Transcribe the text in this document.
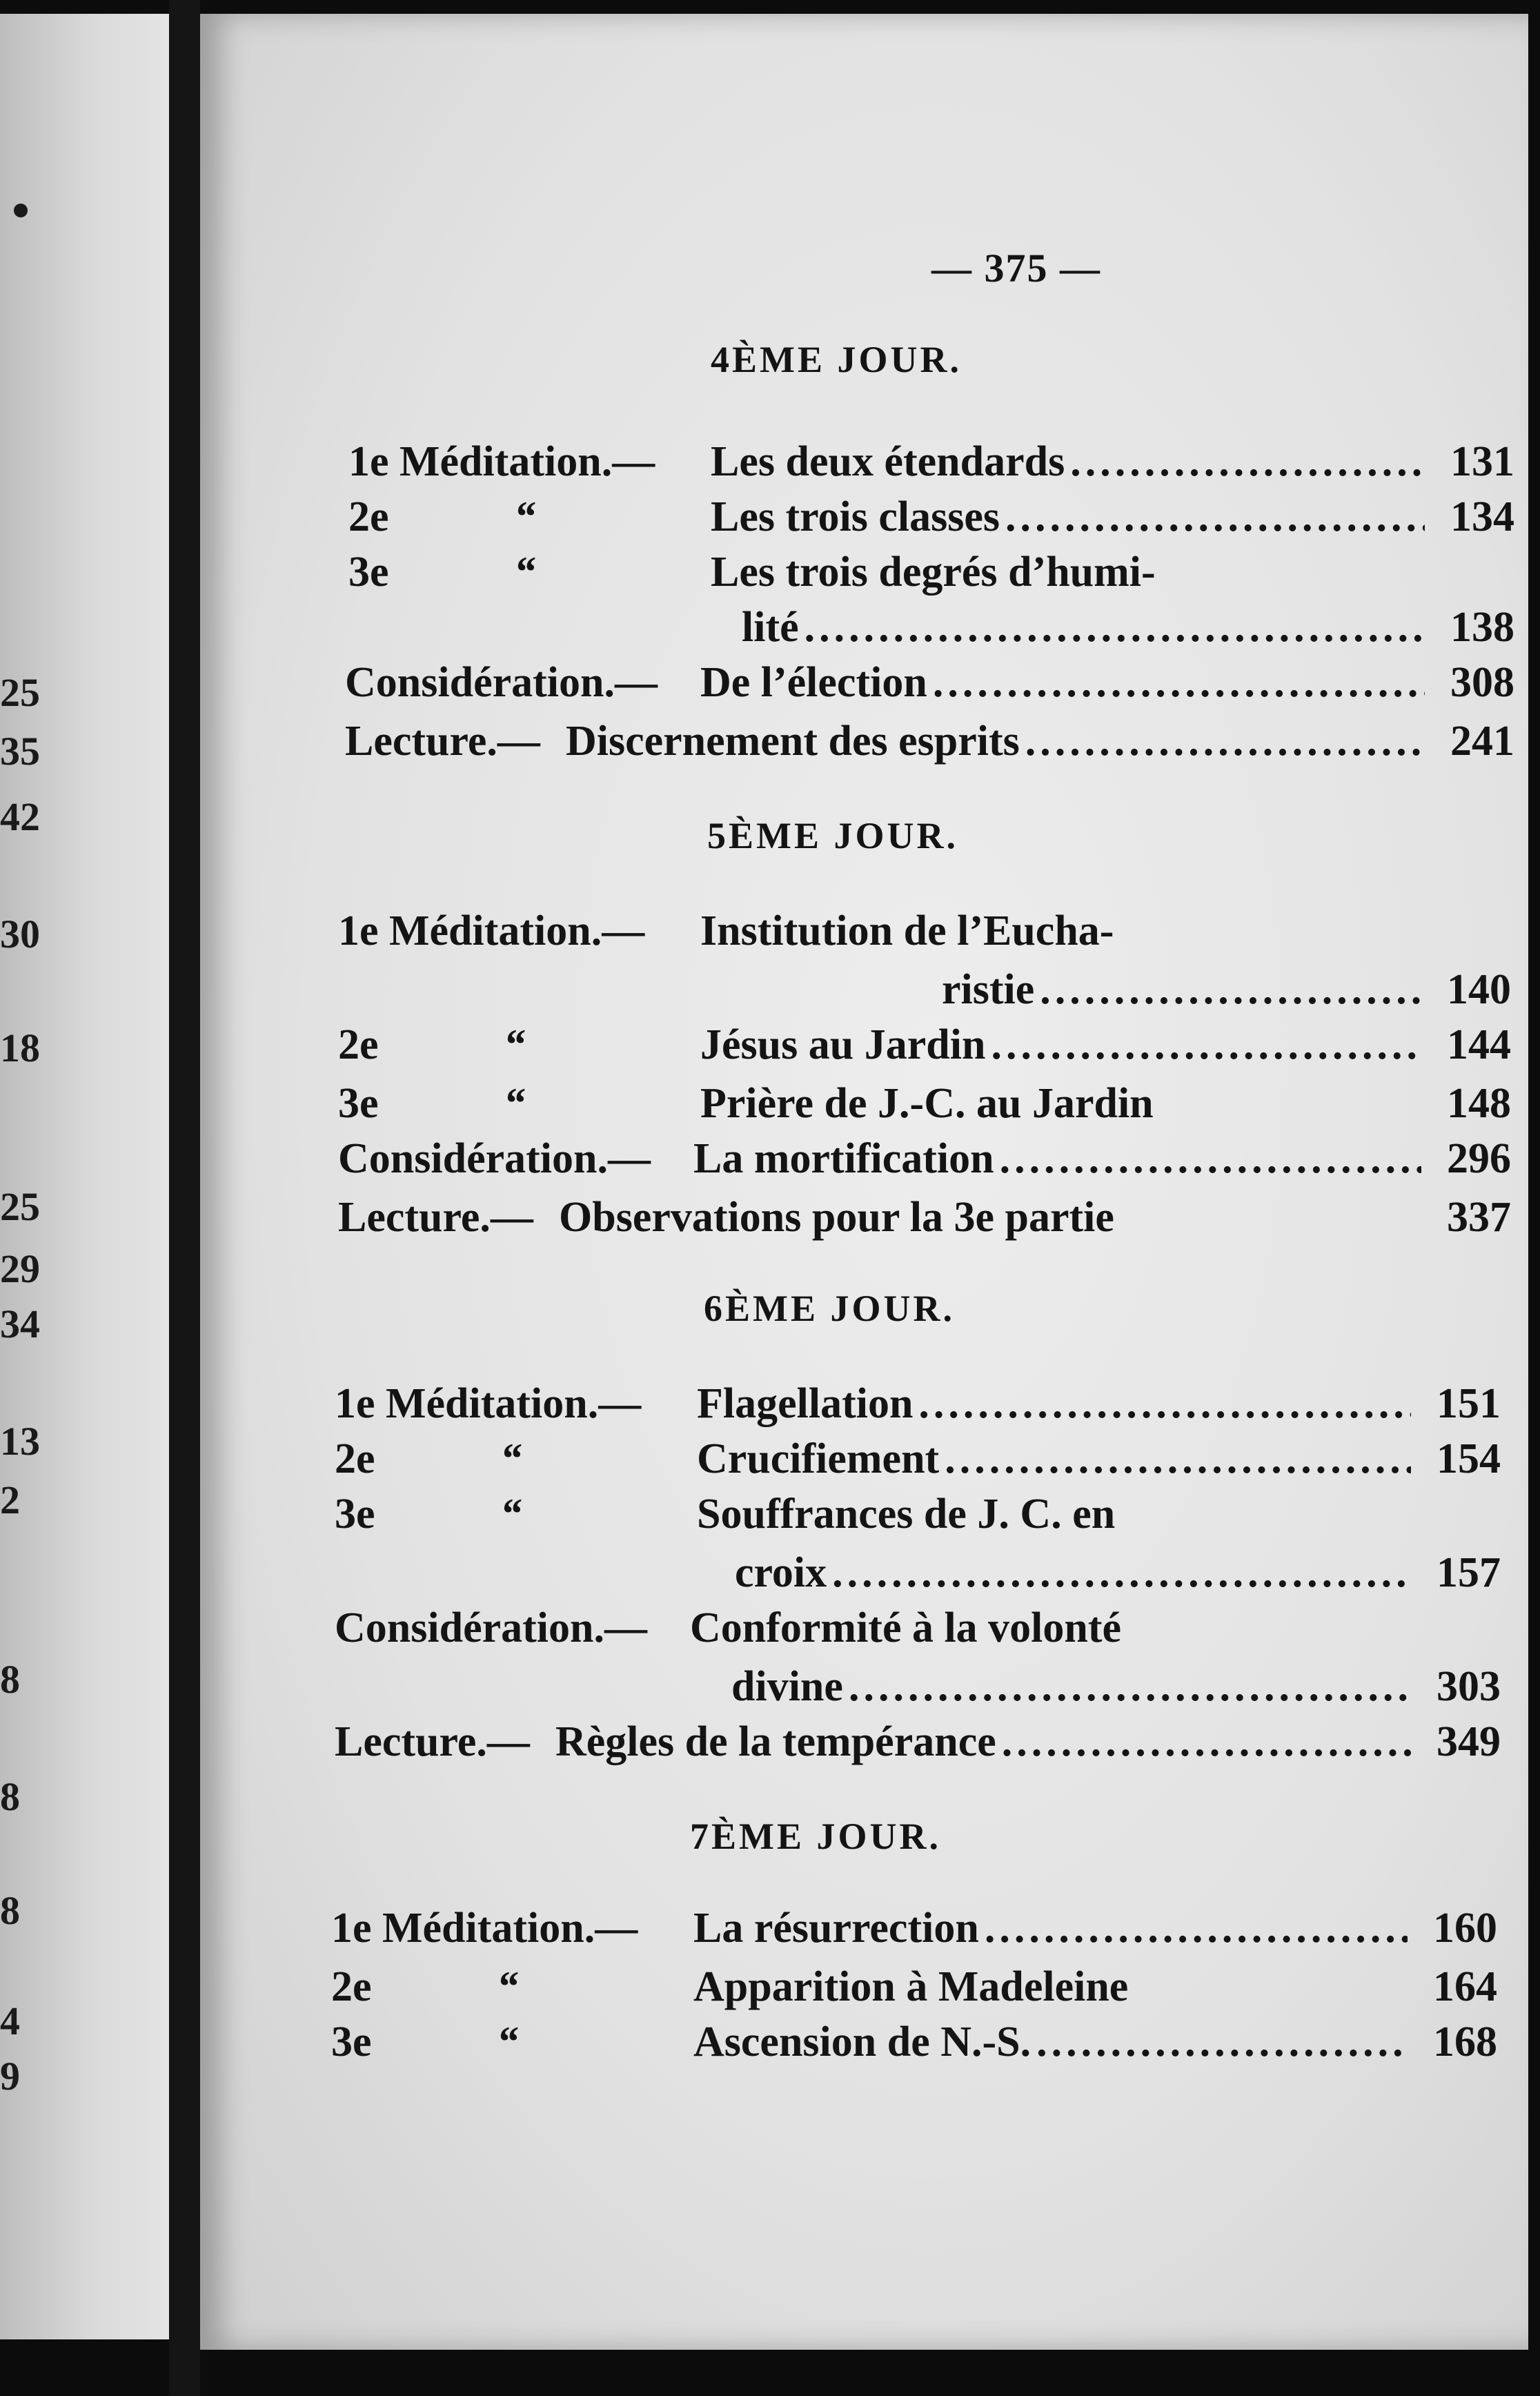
25
35
42
30
18
25
29
34
13
2
8
8
8
4
9
— 375 —
4ÈME JOUR.
1e Méditation.— Les deux étendards .....	131
2e	“	Les trois classes .....	134
3e	“	Les trois degrés d’humi-
lité .....	138
Considération.— De l’élection .....	308
Lecture.— Discernement des esprits .....	241
5ÈME JOUR.
1e Méditation.— Institution de l’Eucha-
ristie .....	140
2e	“	Jésus au Jardin .....	144
3e	“	Prière de J.-C. au Jardin	148
Considération.— La mortification .....	296
Lecture.— Observations pour la 3e partie	337
6ÈME JOUR.
1e Méditation.— Flagellation .....	151
2e	“	Crucifiement .....	154
3e	“	Souffrances de J. C. en
croix .....	157
Considération.— Conformité à la volonté
divine .....	303
Lecture.— Règles de la tempérance .....	349
7ÈME JOUR.
1e Méditation.— La résurrection .....	160
2e	“	Apparition à Madeleine	164
3e	“	Ascension de N.-S. .....	168
